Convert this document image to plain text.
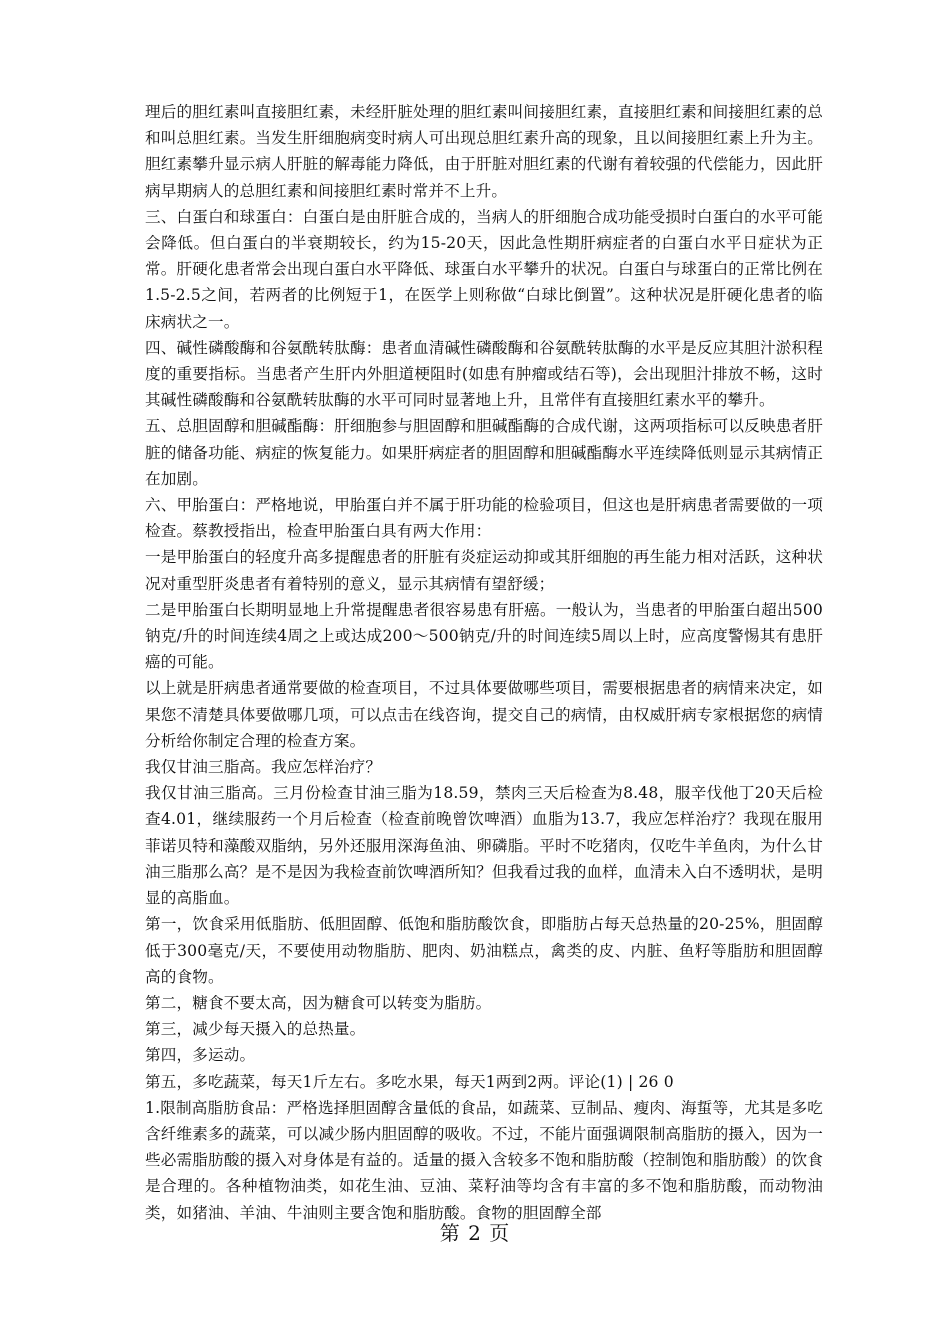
理后的胆红素叫直接胆红素，未经肝脏处理的胆红素叫间接胆红素，直接胆红素和间接胆红素的总和叫总胆红素。当发生肝细胞病变时病人可出现总胆红素升高的现象，且以间接胆红素上升为主。胆红素攀升显示病人肝脏的解毒能力降低，由于肝脏对胆红素的代谢有着较强的代偿能力，因此肝病早期病人的总胆红素和间接胆红素时常并不上升。

三、白蛋白和球蛋白：白蛋白是由肝脏合成的，当病人的肝细胞合成功能受损时白蛋白的水平可能会降低。但白蛋白的半衰期较长，约为15-20天，因此急性期肝病症者的白蛋白水平日症状为正常。肝硬化患者常会出现白蛋白水平降低、球蛋白水平攀升的状况。白蛋白与球蛋白的正常比例在1.5-2.5之间，若两者的比例短于1，在医学上则称做“白球比倒置”。这种状况是肝硬化患者的临床病状之一。

四、碱性磷酸酶和谷氨酰转肽酶：患者血清碱性磷酸酶和谷氨酰转肽酶的水平是反应其胆汁淤积程度的重要指标。当患者产生肝内外胆道梗阻时(如患有肿瘤或结石等)，会出现胆汁排放不畅，这时其碱性磷酸酶和谷氨酰转肽酶的水平可同时显著地上升，且常伴有直接胆红素水平的攀升。

五、总胆固醇和胆碱酯酶：肝细胞参与胆固醇和胆碱酯酶的合成代谢，这两项指标可以反映患者肝脏的储备功能、病症的恢复能力。如果肝病症者的胆固醇和胆碱酯酶水平连续降低则显示其病情正在加剧。

六、甲胎蛋白：严格地说，甲胎蛋白并不属于肝功能的检验项目，但这也是肝病患者需要做的一项检查。蔡教授指出，检查甲胎蛋白具有两大作用：

一是甲胎蛋白的轻度升高多提醒患者的肝脏有炎症运动抑或其肝细胞的再生能力相对活跃，这种状况对重型肝炎患者有着特别的意义，显示其病情有望舒缓；

二是甲胎蛋白长期明显地上升常提醒患者很容易患有肝癌。一般认为，当患者的甲胎蛋白超出500钠克/升的时间连续4周之上或达成200～500钠克/升的时间连续5周以上时，应高度警惕其有患肝癌的可能。

以上就是肝病患者通常要做的检查项目，不过具体要做哪些项目，需要根据患者的病情来决定，如果您不清楚具体要做哪几项，可以点击在线咨询，提交自己的病情，由权威肝病专家根据您的病情分析给你制定合理的检查方案。

我仅甘油三脂高。我应怎样治疗？

我仅甘油三脂高。三月份检查甘油三脂为18.59，禁肉三天后检查为8.48，服辛伐他丁20天后检查4.01，继续服药一个月后检查（检查前晚曾饮啤酒）血脂为13.7，我应怎样治疗？我现在服用菲诺贝特和藻酸双脂纳，另外还服用深海鱼油、卵磷脂。平时不吃猪肉，仅吃牛羊鱼肉，为什么甘油三脂那么高？是不是因为我检查前饮啤酒所知？但我看过我的血样，血清未入白不透明状，是明显的高脂血。

第一，饮食采用低脂肪、低胆固醇、低饱和脂肪酸饮食，即脂肪占每天总热量的20-25%，胆固醇低于300毫克/天，不要使用动物脂肪、肥肉、奶油糕点，禽类的皮、内脏、鱼籽等脂肪和胆固醇高的食物。

第二，糖食不要太高，因为糖食可以转变为脂肪。

第三，减少每天摄入的总热量。

第四，多运动。

第五，多吃蔬菜，每天1斤左右。多吃水果，每天1两到2两。评论(1) | 26 0

1.限制高脂肪食品：严格选择胆固醇含量低的食品，如蔬菜、豆制品、瘦肉、海蜇等，尤其是多吃含纤维素多的蔬菜，可以减少肠内胆固醇的吸收。不过，不能片面强调限制高脂肪的摄入，因为一些必需脂肪酸的摄入对身体是有益的。适量的摄入含较多不饱和脂肪酸（控制饱和脂肪酸）的饮食是合理的。各种植物油类，如花生油、豆油、菜籽油等均含有丰富的多不饱和脂肪酸，而动物油类，如猪油、羊油、牛油则主要含饱和脂肪酸。食物的胆固醇全部

第 2 页
